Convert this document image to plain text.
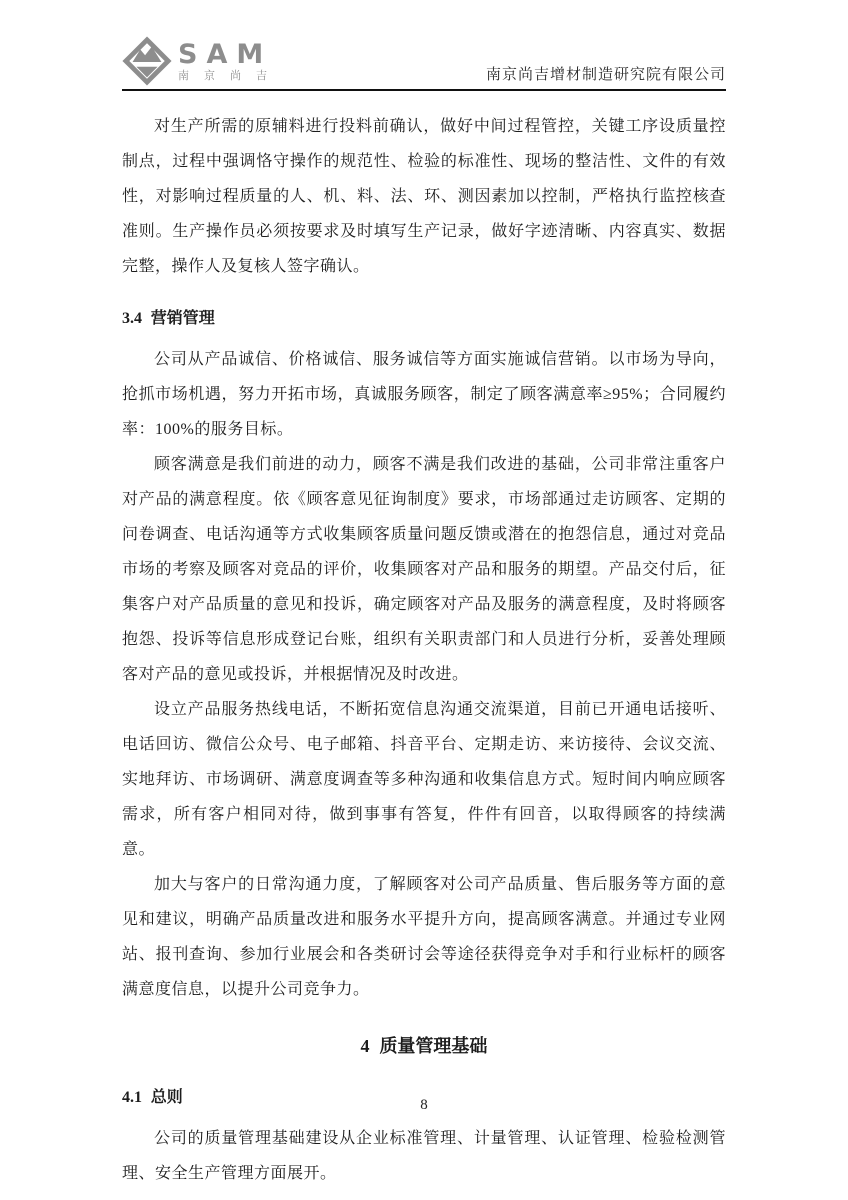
SAM
南京尚吉	南京尚吉增材制造研究院有限公司

对生产所需的原辅料进行投料前确认，做好中间过程管控，关键工序设质量控制点，过程中强调恪守操作的规范性、检验的标准性、现场的整洁性、文件的有效性，对影响过程质量的人、机、料、法、环、测因素加以控制，严格执行监控核查准则。生产操作员必须按要求及时填写生产记录，做好字迹清晰、内容真实、数据完整，操作人及复核人签字确认。

3.4 营销管理

公司从产品诚信、价格诚信、服务诚信等方面实施诚信营销。以市场为导向，抢抓市场机遇，努力开拓市场，真诚服务顾客，制定了顾客满意率≥95%；合同履约率：100%的服务目标。

顾客满意是我们前进的动力，顾客不满是我们改进的基础，公司非常注重客户对产品的满意程度。依《顾客意见征询制度》要求，市场部通过走访顾客、定期的问卷调查、电话沟通等方式收集顾客质量问题反馈或潜在的抱怨信息，通过对竞品市场的考察及顾客对竞品的评价，收集顾客对产品和服务的期望。产品交付后，征集客户对产品质量的意见和投诉，确定顾客对产品及服务的满意程度，及时将顾客抱怨、投诉等信息形成登记台账，组织有关职责部门和人员进行分析，妥善处理顾客对产品的意见或投诉，并根据情况及时改进。

设立产品服务热线电话，不断拓宽信息沟通交流渠道，目前已开通电话接听、电话回访、微信公众号、电子邮箱、抖音平台、定期走访、来访接待、会议交流、实地拜访、市场调研、满意度调查等多种沟通和收集信息方式。短时间内响应顾客需求，所有客户相同对待，做到事事有答复，件件有回音，以取得顾客的持续满意。

加大与客户的日常沟通力度，了解顾客对公司产品质量、售后服务等方面的意见和建议，明确产品质量改进和服务水平提升方向，提高顾客满意。并通过专业网站、报刊查询、参加行业展会和各类研讨会等途径获得竞争对手和行业标杆的顾客满意度信息，以提升公司竞争力。

4 质量管理基础
4.1 总则

公司的质量管理基础建设从企业标准管理、计量管理、认证管理、检验检测管理、安全生产管理方面展开。

8
